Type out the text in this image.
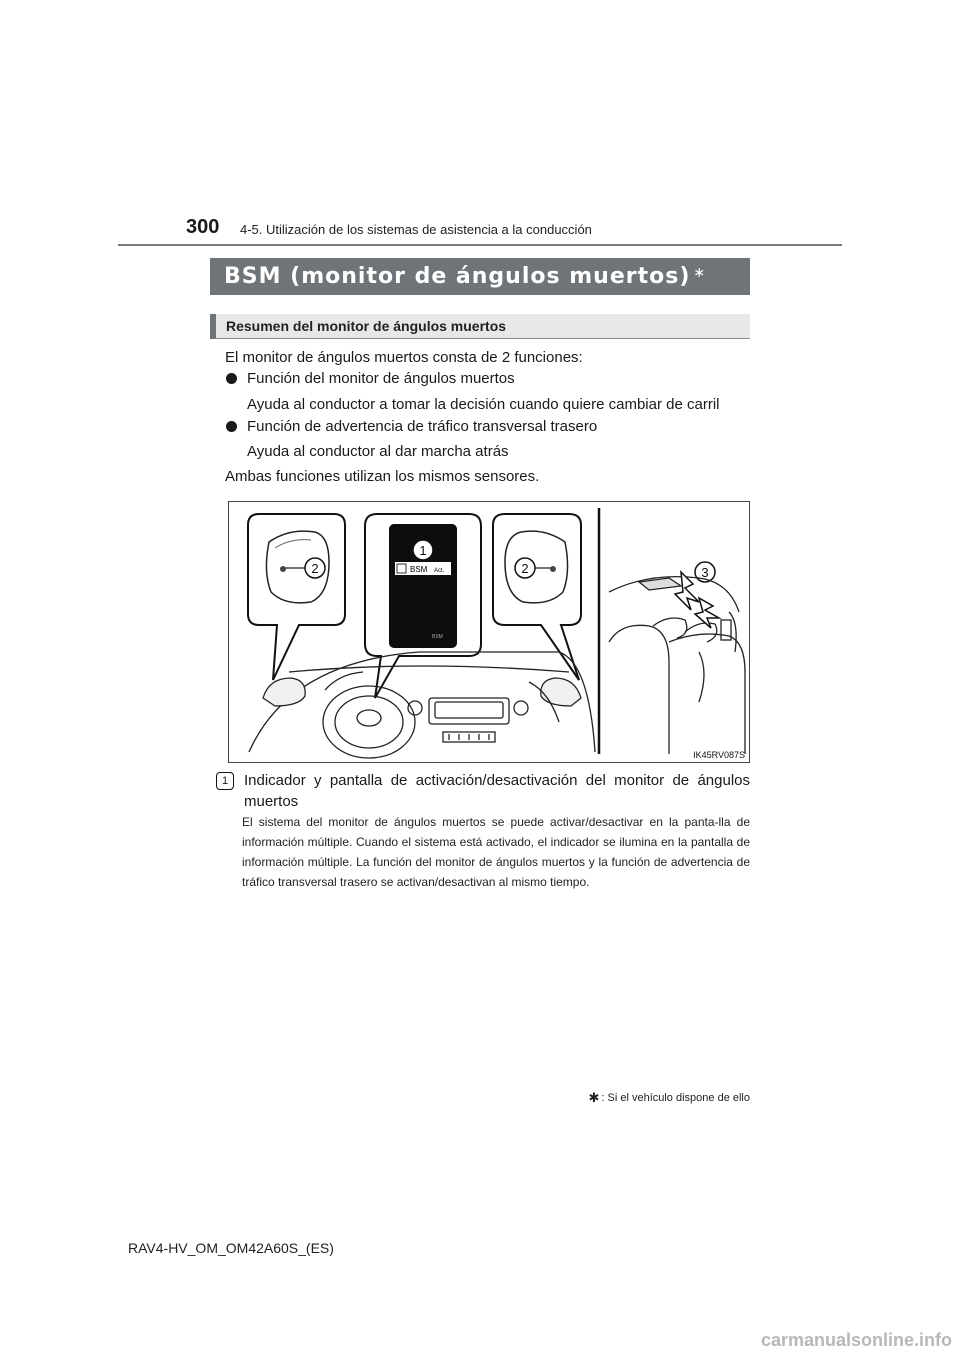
300 4-5. Utilización de los sistemas de asistencia a la conducción
BSM (monitor de ángulos muertos) ∗
Resumen del monitor de ángulos muertos
El monitor de ángulos muertos consta de 2 funciones:
Función del monitor de ángulos muertos
Ayuda al conductor a tomar la decisión cuando quiere cambiar de carril
Función de advertencia de tráfico transversal trasero
Ayuda al conductor al dar marcha atrás
Ambas funciones utilizan los mismos sensores.
BSM Act.
BSM
1
2	2	3
IK45RV087S
1	Indicador y pantalla de activación/desactivación del monitor de ángulos muertos
El sistema del monitor de ángulos muertos se puede activar/desactivar en la panta-lla de información múltiple. Cuando el sistema está activado, el indicador se ilumina en la pantalla de información múltiple. La función del monitor de ángulos muertos y la función de advertencia de tráfico transversal trasero se activan/desactivan al mismo tiempo.
✱ : Si el vehículo dispone de ello
RAV4-HV_OM_OM42A60S_(ES)
carmanualsonline.info
